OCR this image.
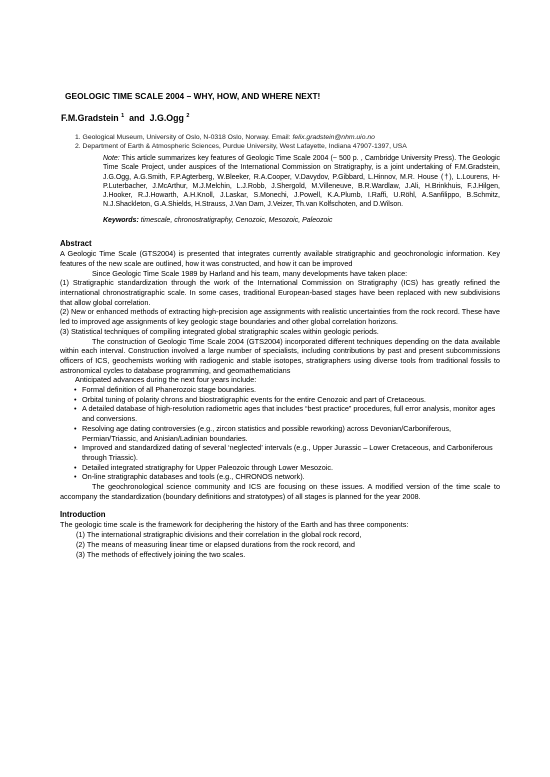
GEOLOGIC TIME SCALE 2004 – WHY, HOW, AND WHERE NEXT!
F.M.Gradstein $^1$  and  J.G.Ogg $^2$
1. Geological Museum, University of Oslo, N-0318 Oslo, Norway. Email: felix.gradstein@nhm.uio.no
2. Department of Earth & Atmospheric Sciences, Purdue University, West Lafayette, Indiana 47907-1397, USA
Note: This article summarizes key features of Geologic Time Scale 2004 (~ 500 p. , Cambridge University Press). The Geologic Time Scale Project, under auspices of the International Commission on Stratigraphy, is a joint undertaking of F.M.Gradstein, J.G.Ogg, A.G.Smith, F.P.Agterberg, W.Bleeker, R.A.Cooper, V.Davydov, P.Gibbard, L.Hinnov, M.R. House (†), L.Lourens, H-P.Luterbacher, J.McArthur, M.J.Melchin, L.J.Robb, J.Shergold, M.Villeneuve, B.R.Wardlaw, J.Ali, H.Brinkhuis, F.J.Hilgen, J.Hooker, R.J.Howarth, A.H.Knoll, J.Laskar, S.Monechi, J.Powell, K.A.Plumb, I.Raffi, U.Röhl, A.Sanfilippo, B.Schmitz, N.J.Shackleton, G.A.Shields, H.Strauss, J.Van Dam, J.Veizer, Th.van Kolfschoten, and D.Wilson.
Keywords: timescale, chronostratigraphy, Cenozoic, Mesozoic, Paleozoic
Abstract

A Geologic Time Scale (GTS2004) is presented that integrates currently available stratigraphic and geochronologic information. Key features of the new scale are outlined, how it was constructed, and how it can be improved

Since Geologic Time Scale 1989 by Harland and his team, many developments have taken place:

(1) Stratigraphic standardization through the work of the International Commission on Stratigraphy (ICS) has greatly refined the international chronostratigraphic scale. In some cases, traditional European-based stages have been replaced with new subdivisions that allow global correlation.

(2) New or enhanced methods of extracting high-precision age assignments with realistic uncertainties from the rock record. These have led to improved age assignments of key geologic stage boundaries and other global correlation horizons.

(3) Statistical techniques of compiling integrated global stratigraphic scales within geologic periods.

The construction of Geologic Time Scale 2004 (GTS2004) incorporated different techniques depending on the data available within each interval. Construction involved a large number of specialists, including contributions by past and present subcommissions officers of ICS, geochemists working with radiogenic and stable isotopes, stratigraphers using diverse tools from traditional fossils to astronomical cycles to database programming, and geomathematicians

Anticipated advances during the next four years include:

• Formal definition of all Phanerozoic stage boundaries.
• Orbital tuning of polarity chrons and biostratigraphic events for the entire Cenozoic and part of Cretaceous.
• A detailed database of high-resolution radiometric ages that includes “best practice” procedures, full error analysis, monitor ages and conversions.
• Resolving age dating controversies (e.g., zircon statistics and possible reworking) across Devonian/Carboniferous, Permian/Triassic, and Anisian/Ladinian boundaries.
• Improved and standardized dating of several ‘neglected’ intervals (e.g., Upper Jurassic – Lower Cretaceous, and Carboniferous through Triassic).
• Detailed integrated stratigraphy for Upper Paleozoic through Lower Mesozoic.
• On-line stratigraphic databases and tools (e.g., CHRONOS network).

The geochronological science community and ICS are focusing on these issues. A modified version of the time scale to accompany the standardization (boundary definitions and stratotypes) of all stages is planned for the year 2008.

Introduction

The geologic time scale is the framework for deciphering the history of the Earth and has three components:

(1) The international stratigraphic divisions and their correlation in the global rock record,
(2) The means of measuring linear time or elapsed durations from the rock record, and
(3) The methods of effectively joining the two scales.
